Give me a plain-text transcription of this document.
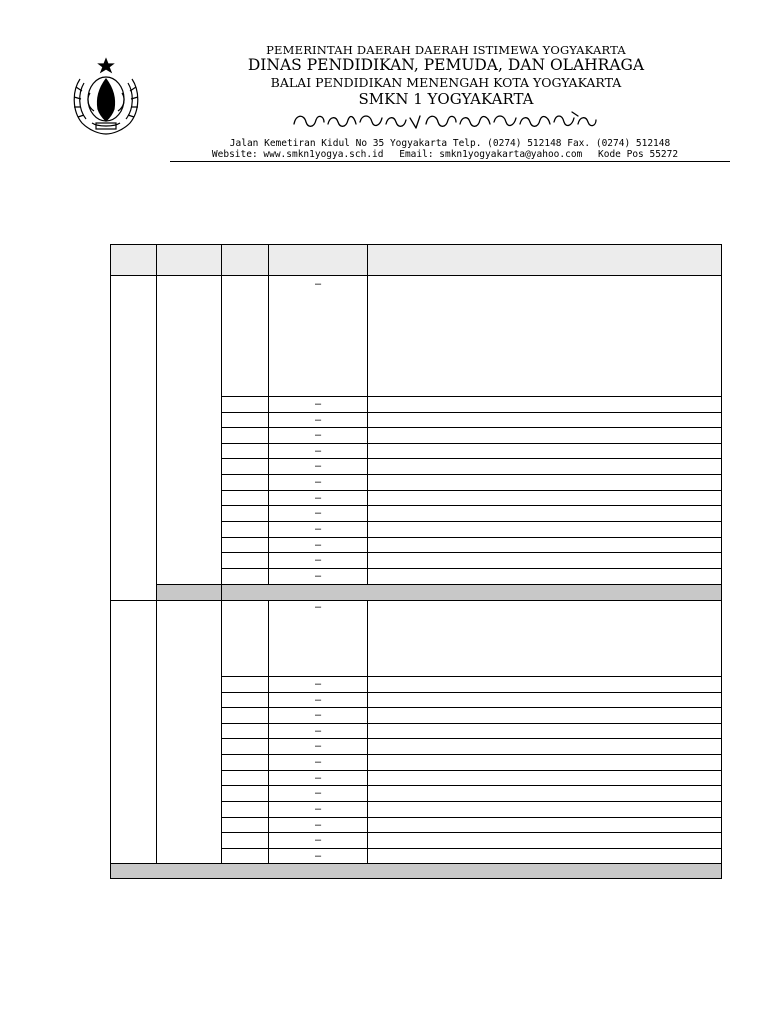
PEMERINTAH DAERAH DAERAH ISTIMEWA YOGYAKARTA
DINAS PENDIDIKAN, PEMUDA, DAN OLAHRAGA
BALAI PENDIDIKAN MENENGAH KOTA YOGYAKARTA
SMKN 1 YOGYAKARTA
Jalan Kemetiran Kidul No 35 Yogyakarta Telp. (0274) 512148 Fax. (0274) 512148
Website: www.smkn1yogya.sch.id Email: smkn1yogyakarta@yahoo.com Kode Pos 55272
–
–
–
–
–
–
–
–
–
–
–
–
–
–
–
–
–
–
–
–
–
–
–
–
–
–
